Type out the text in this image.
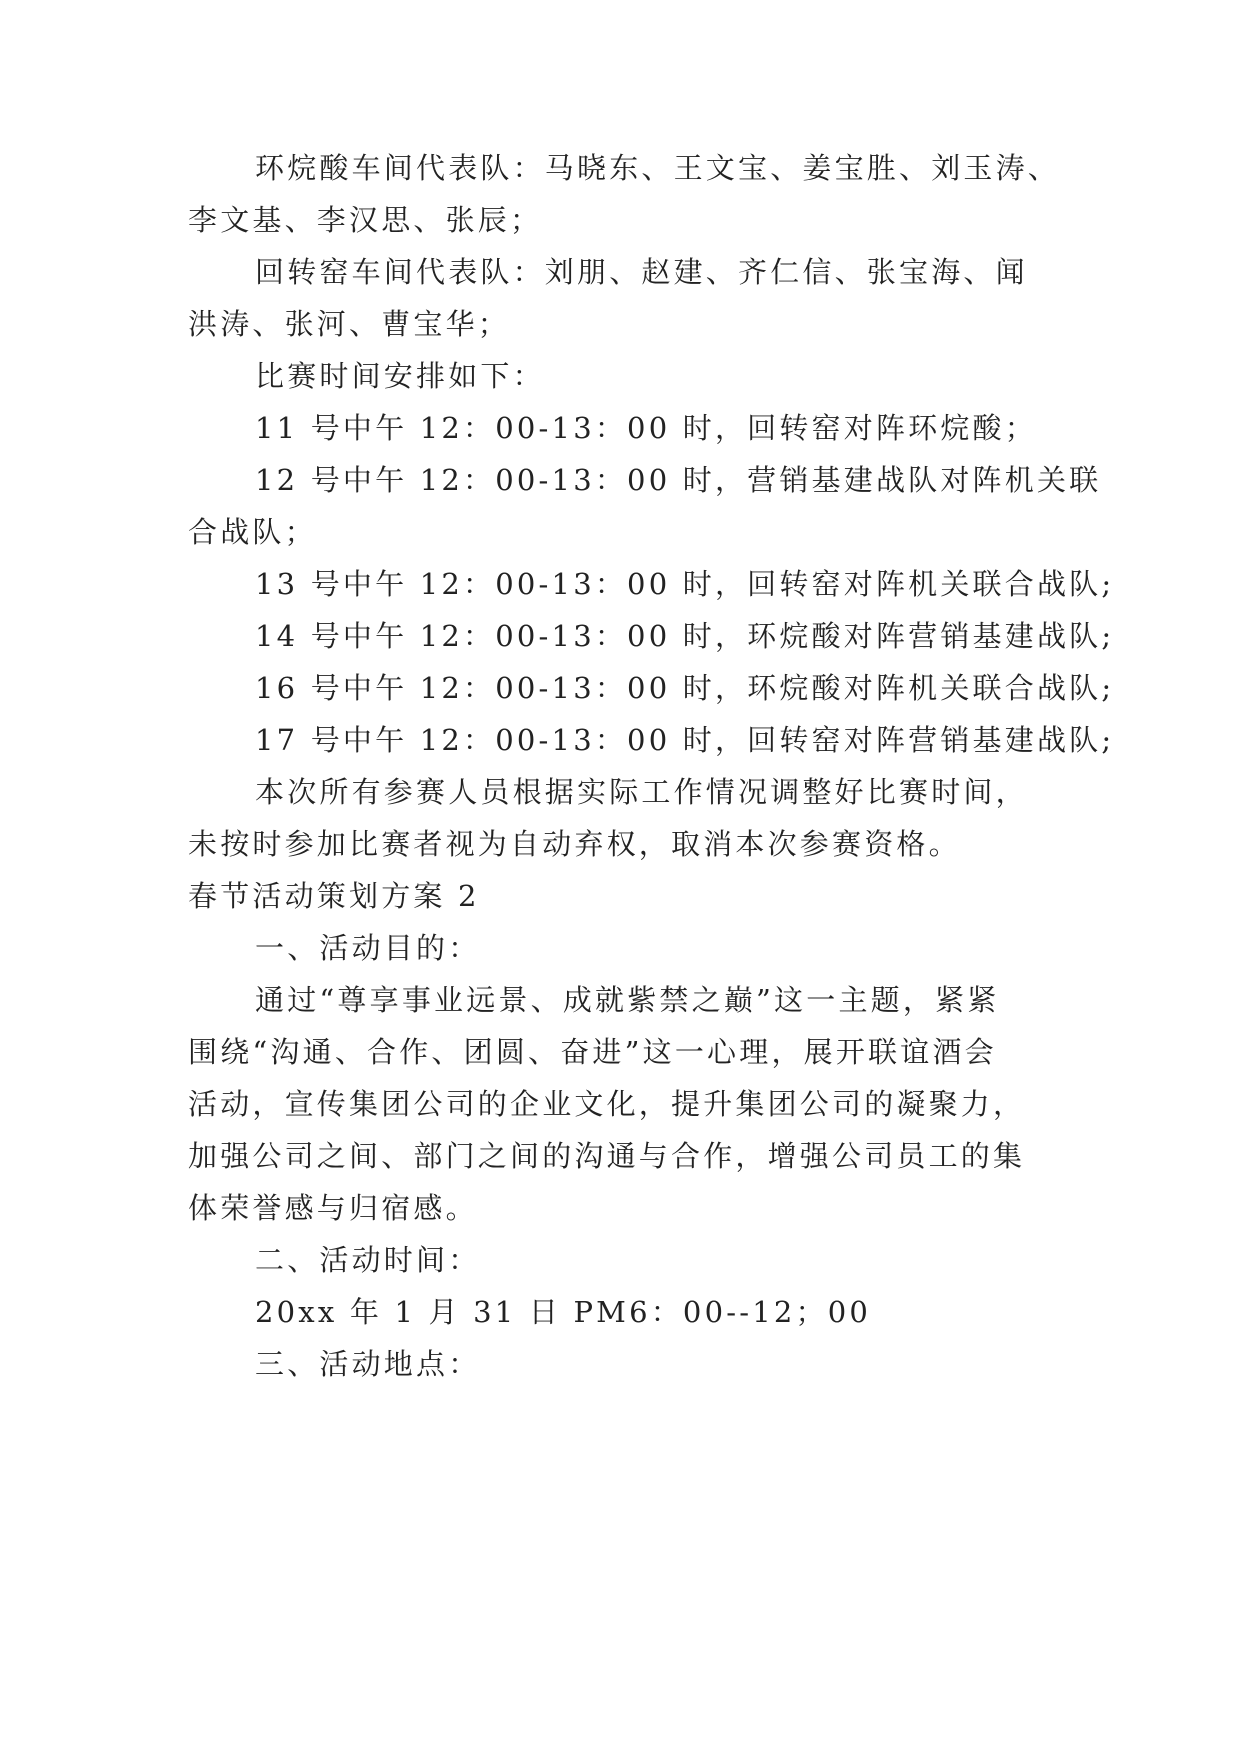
环烷酸车间代表队：马晓东、王文宝、姜宝胜、刘玉涛、
李文基、李汉思、张辰；
回转窑车间代表队：刘朋、赵建、齐仁信、张宝海、闻
洪涛、张河、曹宝华；
比赛时间安排如下：
11 号中午 12：00-13：00 时，回转窑对阵环烷酸；
12 号中午 12：00-13：00 时，营销基建战队对阵机关联
合战队；
13 号中午 12：00-13：00 时，回转窑对阵机关联合战队;
14 号中午 12：00-13：00 时，环烷酸对阵营销基建战队;
16 号中午 12：00-13：00 时，环烷酸对阵机关联合战队;
17 号中午 12：00-13：00 时，回转窑对阵营销基建战队;
本次所有参赛人员根据实际工作情况调整好比赛时间，
未按时参加比赛者视为自动弃权，取消本次参赛资格。
春节活动策划方案 2
一、活动目的：
通过“尊享事业远景、成就紫禁之巅”这一主题，紧紧
围绕“沟通、合作、团圆、奋进”这一心理，展开联谊酒会
活动，宣传集团公司的企业文化，提升集团公司的凝聚力，
加强公司之间、部门之间的沟通与合作，增强公司员工的集
体荣誉感与归宿感。
二、活动时间：
20xx 年 1 月 31 日 PM6：00--12；00
三、活动地点：
